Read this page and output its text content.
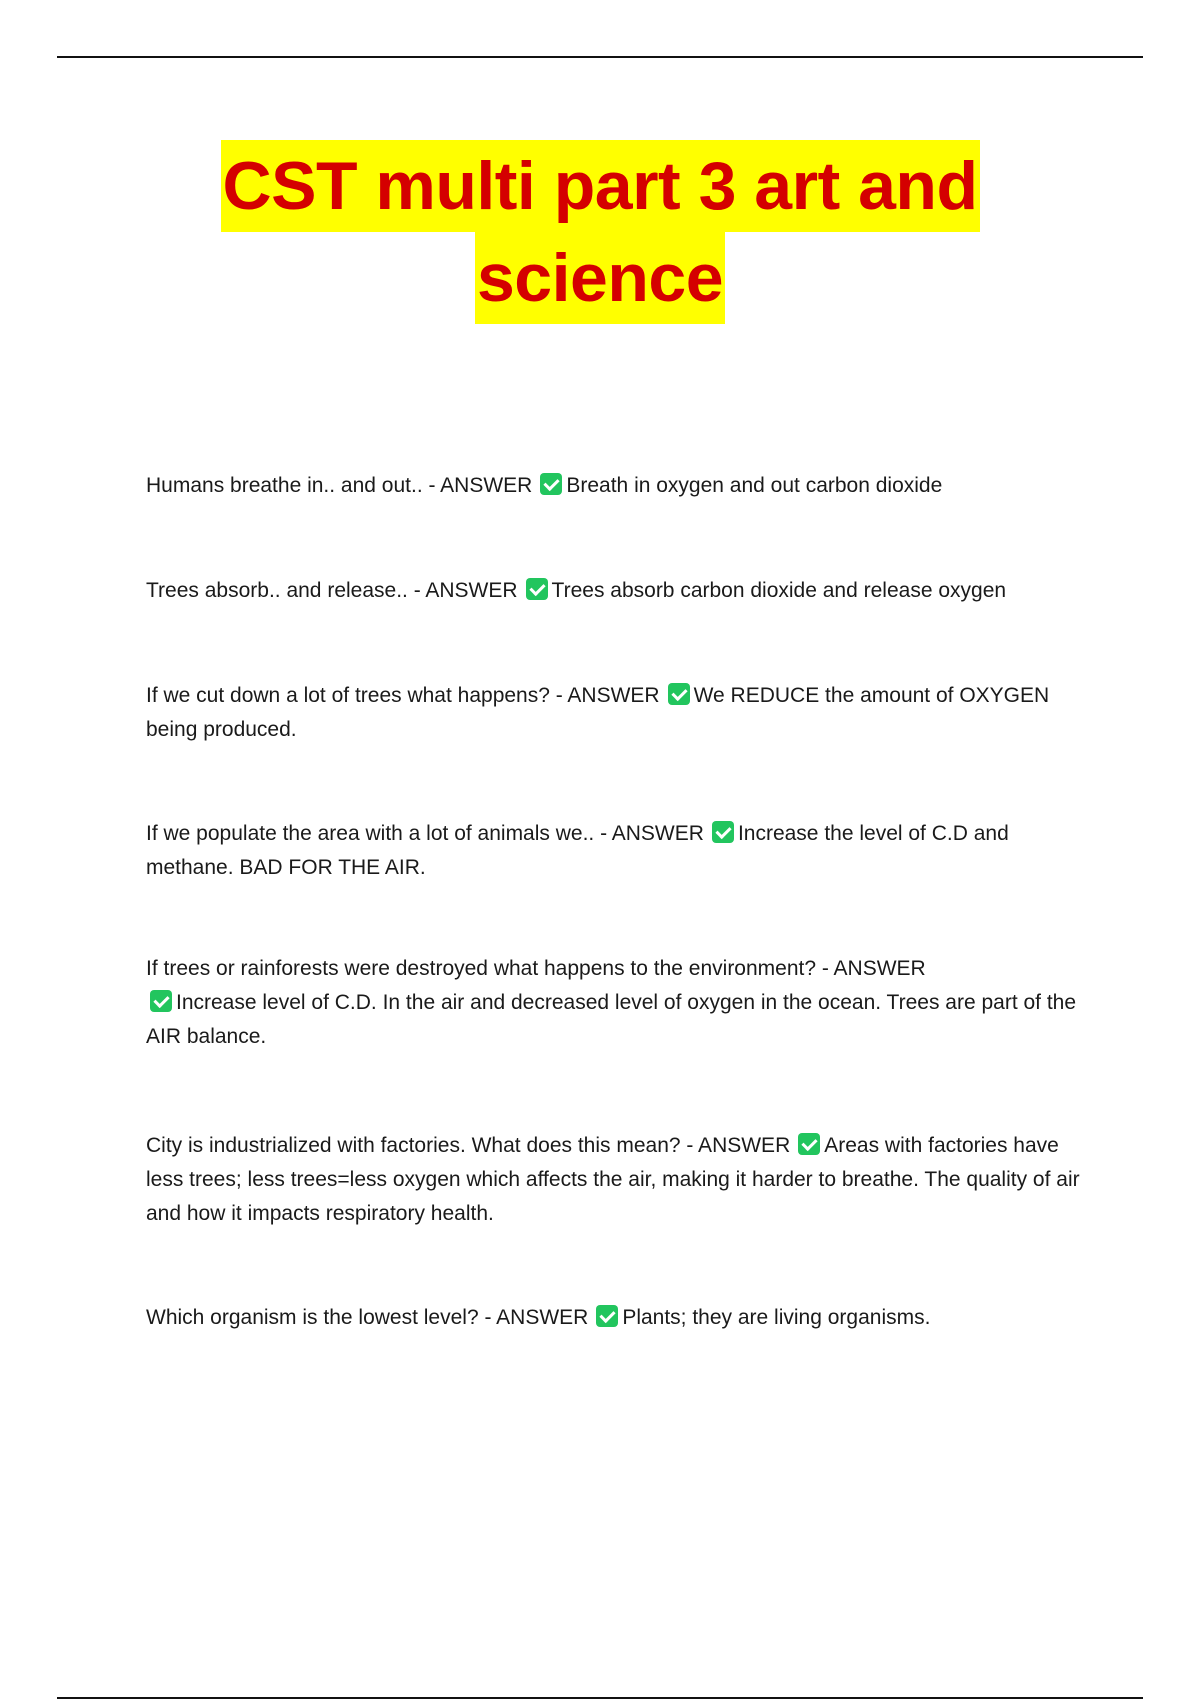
CST multi part 3 art and
science
Humans breathe in.. and out.. - ANSWER Breath in oxygen and out carbon dioxide
Trees absorb.. and release.. - ANSWER Trees absorb carbon dioxide and release oxygen
If we cut down a lot of trees what happens? - ANSWER We REDUCE the amount of OXYGEN being produced.
If we populate the area with a lot of animals we.. - ANSWER Increase the level of C.D and methane. BAD FOR THE AIR.
If trees or rainforests were destroyed what happens to the environment? - ANSWER
Increase level of C.D. In the air and decreased level of oxygen in the ocean. Trees are part of the AIR balance.
City is industrialized with factories. What does this mean? - ANSWER Areas with factories have less trees; less trees=less oxygen which affects the air, making it harder to breathe. The quality of air and how it impacts respiratory health.
Which organism is the lowest level? - ANSWER Plants; they are living organisms.
